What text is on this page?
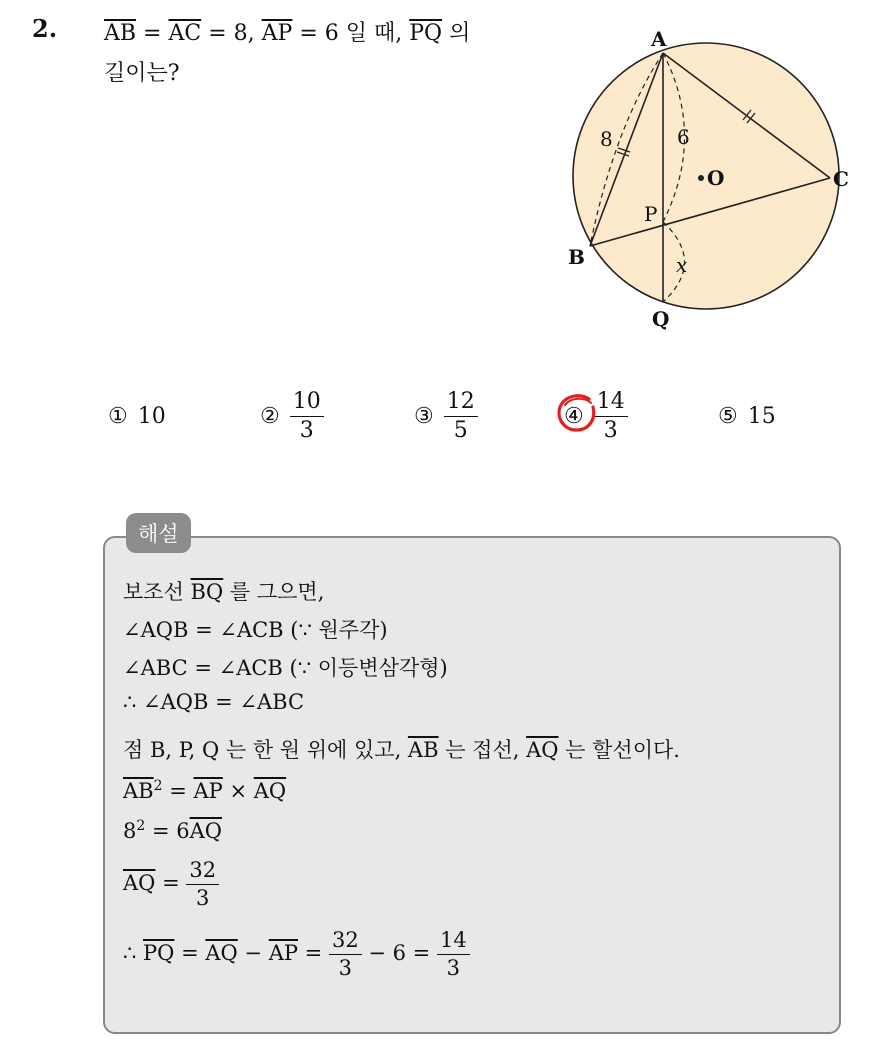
2. $\overline{AB} = \overline{AC} = 8$, $\overline{AP} = 6$ 일 때, $\overline{PQ}$ 의
길이는?
A
B
C
P
Q
O
8	6
x
① 10	② $\frac{10}{3}$	③ $\frac{12}{5}$	④ $\frac{14}{3}$	⑤ 15
보조선 $\overline{BQ}$ 를 그으면,
∠AQB = ∠ACB (∵ 원주각)
∠ABC = ∠ACB (∵ 이등변삼각형)
∴ ∠AQB = ∠ABC
점 B, P, Q 는 한 원 위에 있고, $\overline{AB}$ 는 접선, $\overline{AQ}$ 는 할선이다.
$\overline{AB}^2 = \overline{AP} \times \overline{AQ}$
$8^2 = 6\overline{AQ}$
$\overline{AQ} = \frac{32}{3}$
∴ $\overline{PQ} = \overline{AQ} - \overline{AP} = \frac{32}{3} - 6 = \frac{14}{3}$
해설
